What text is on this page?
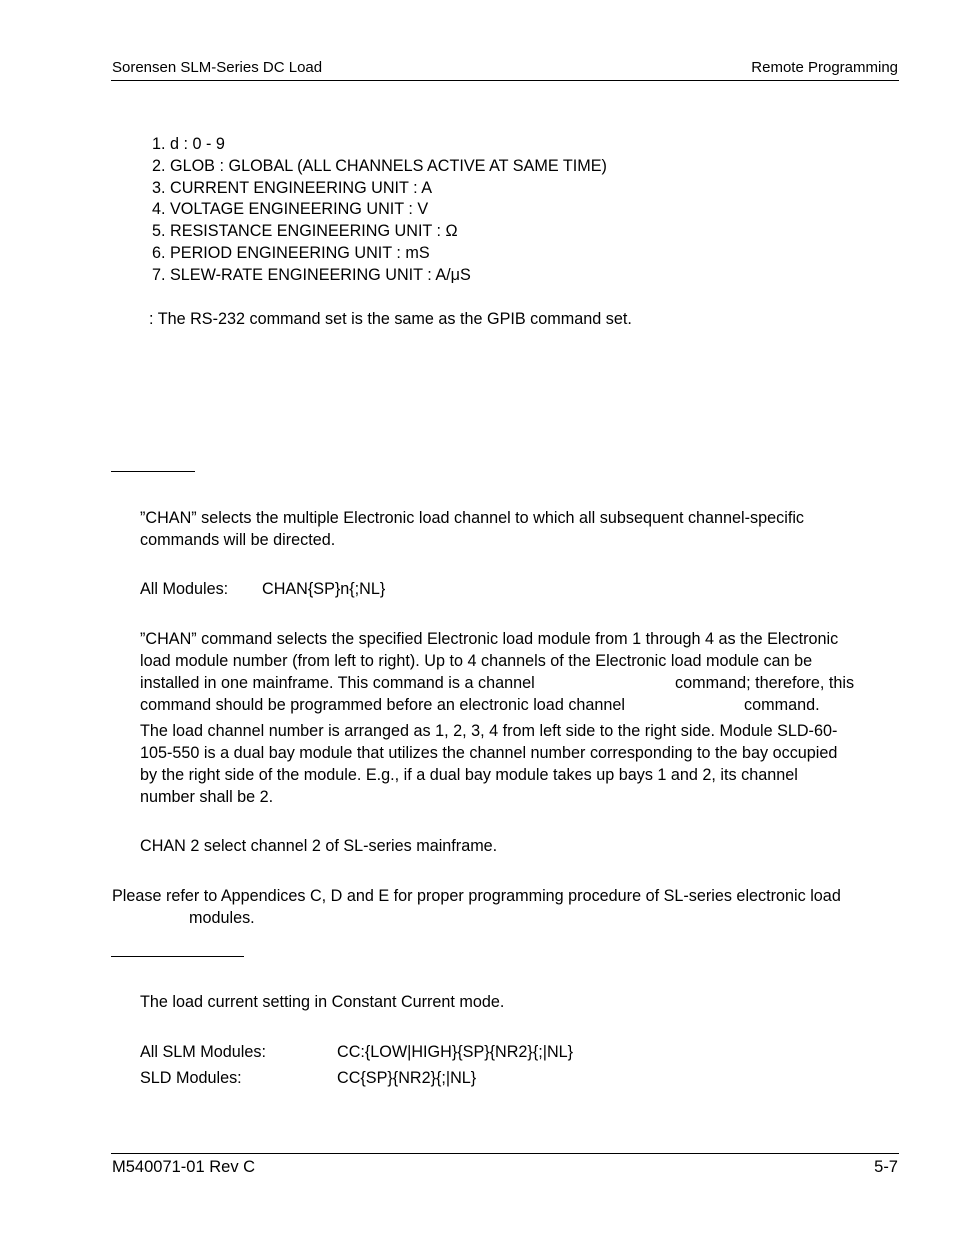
Sorensen SLM-Series DC Load	Remote Programming
1. d : 0 - 9
2. GLOB : GLOBAL (ALL CHANNELS ACTIVE AT SAME TIME)
3. CURRENT ENGINEERING UNIT : A
4. VOLTAGE ENGINEERING UNIT : V
5. RESISTANCE ENGINEERING UNIT : Ω
6. PERIOD ENGINEERING UNIT : mS
7. SLEW-RATE ENGINEERING UNIT : A/μS
: The RS-232 command set is the same as the GPIB command set.
”CHAN” selects the multiple Electronic load channel to which all subsequent channel-specific
commands will be directed.
All Modules: CHAN{SP}n{;NL}
”CHAN” command selects the specified Electronic load module from 1 through 4 as the Electronic
load module number (from left to right). Up to 4 channels of the Electronic load module can be
installed in one mainframe. This command is a channel	command; therefore, this
command should be programmed before an electronic load channel	command.
The load channel number is arranged as 1, 2, 3, 4 from left side to the right side. Module SLD-60-
105-550 is a dual bay module that utilizes the channel number corresponding to the bay occupied
by the right side of the module. E.g., if a dual bay module takes up bays 1 and 2, its channel
number shall be 2.
CHAN 2 select channel 2 of SL-series mainframe.
Please refer to Appendices C, D and E for proper programming procedure of SL-series electronic load
modules.
The load current setting in Constant Current mode.
All SLM Modules:	CC:{LOW|HIGH}{SP}{NR2}{;|NL}
SLD Modules:	CC{SP}{NR2}{;|NL}
M540071-01 Rev C	5-7
